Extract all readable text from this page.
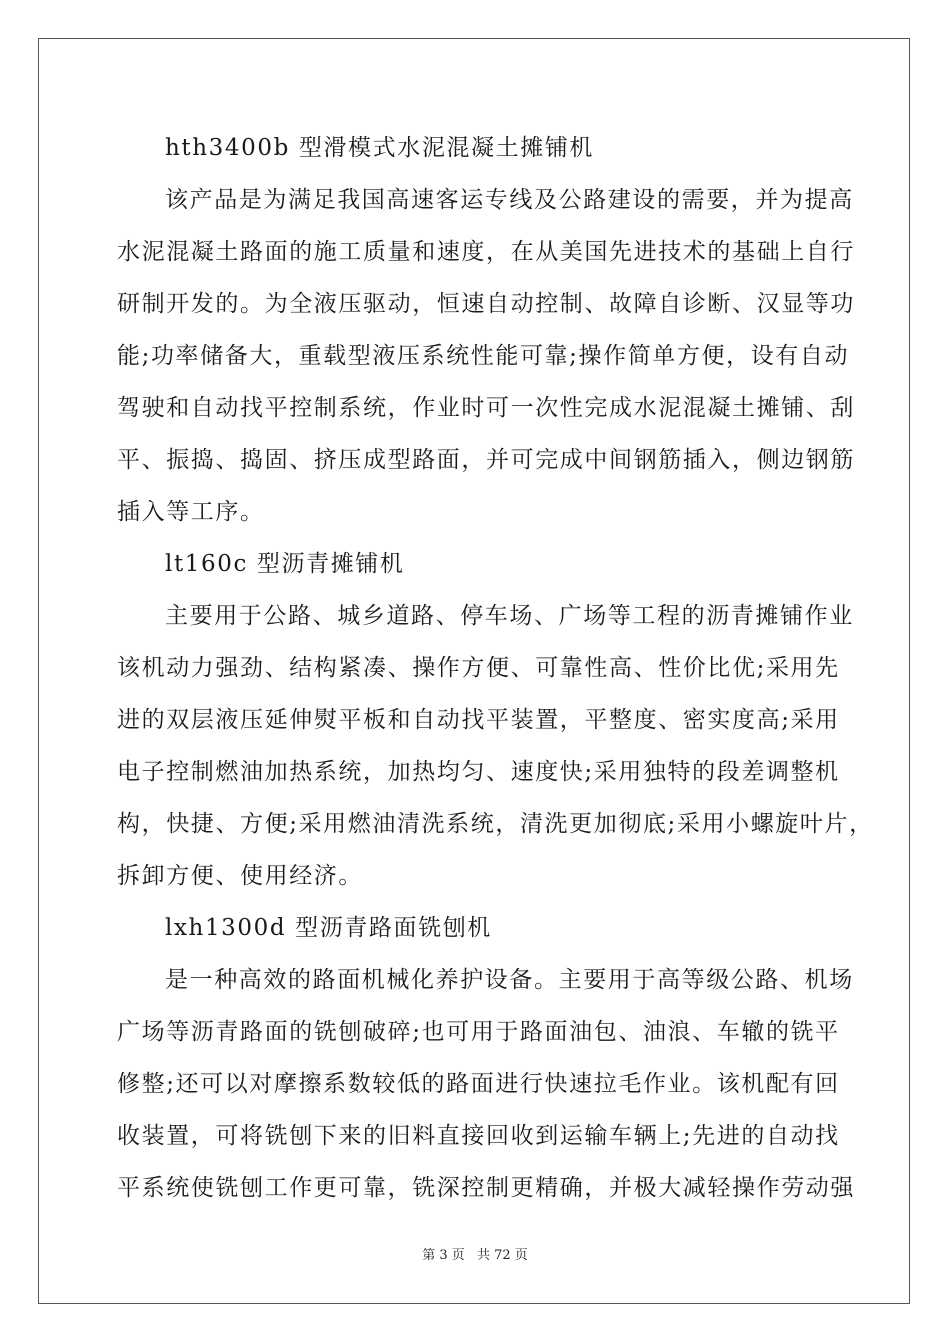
hth3400b 型滑模式水泥混凝土摊铺机
该产品是为满足我国高速客运专线及公路建设的需要，并为提高
水泥混凝土路面的施工质量和速度，在从美国先进技术的基础上自行
研制开发的。为全液压驱动，恒速自动控制、故障自诊断、汉显等功
能;功率储备大，重载型液压系统性能可靠;操作简单方便，设有自动
驾驶和自动找平控制系统，作业时可一次性完成水泥混凝土摊铺、刮
平、振捣、捣固、挤压成型路面，并可完成中间钢筋插入，侧边钢筋
插入等工序。
lt160c 型沥青摊铺机
主要用于公路、城乡道路、停车场、广场等工程的沥青摊铺作业
该机动力强劲、结构紧凑、操作方便、可靠性高、性价比优;采用先
进的双层液压延伸熨平板和自动找平装置，平整度、密实度高;采用
电子控制燃油加热系统，加热均匀、速度快;采用独特的段差调整机
构，快捷、方便;采用燃油清洗系统，清洗更加彻底;采用小螺旋叶片，
拆卸方便、使用经济。
lxh1300d 型沥青路面铣刨机
是一种高效的路面机械化养护设备。主要用于高等级公路、机场
广场等沥青路面的铣刨破碎;也可用于路面油包、油浪、车辙的铣平
修整;还可以对摩擦系数较低的路面进行快速拉毛作业。该机配有回
收装置，可将铣刨下来的旧料直接回收到运输车辆上;先进的自动找
平系统使铣刨工作更可靠，铣深控制更精确，并极大减轻操作劳动强
第 3 页 共 72 页
